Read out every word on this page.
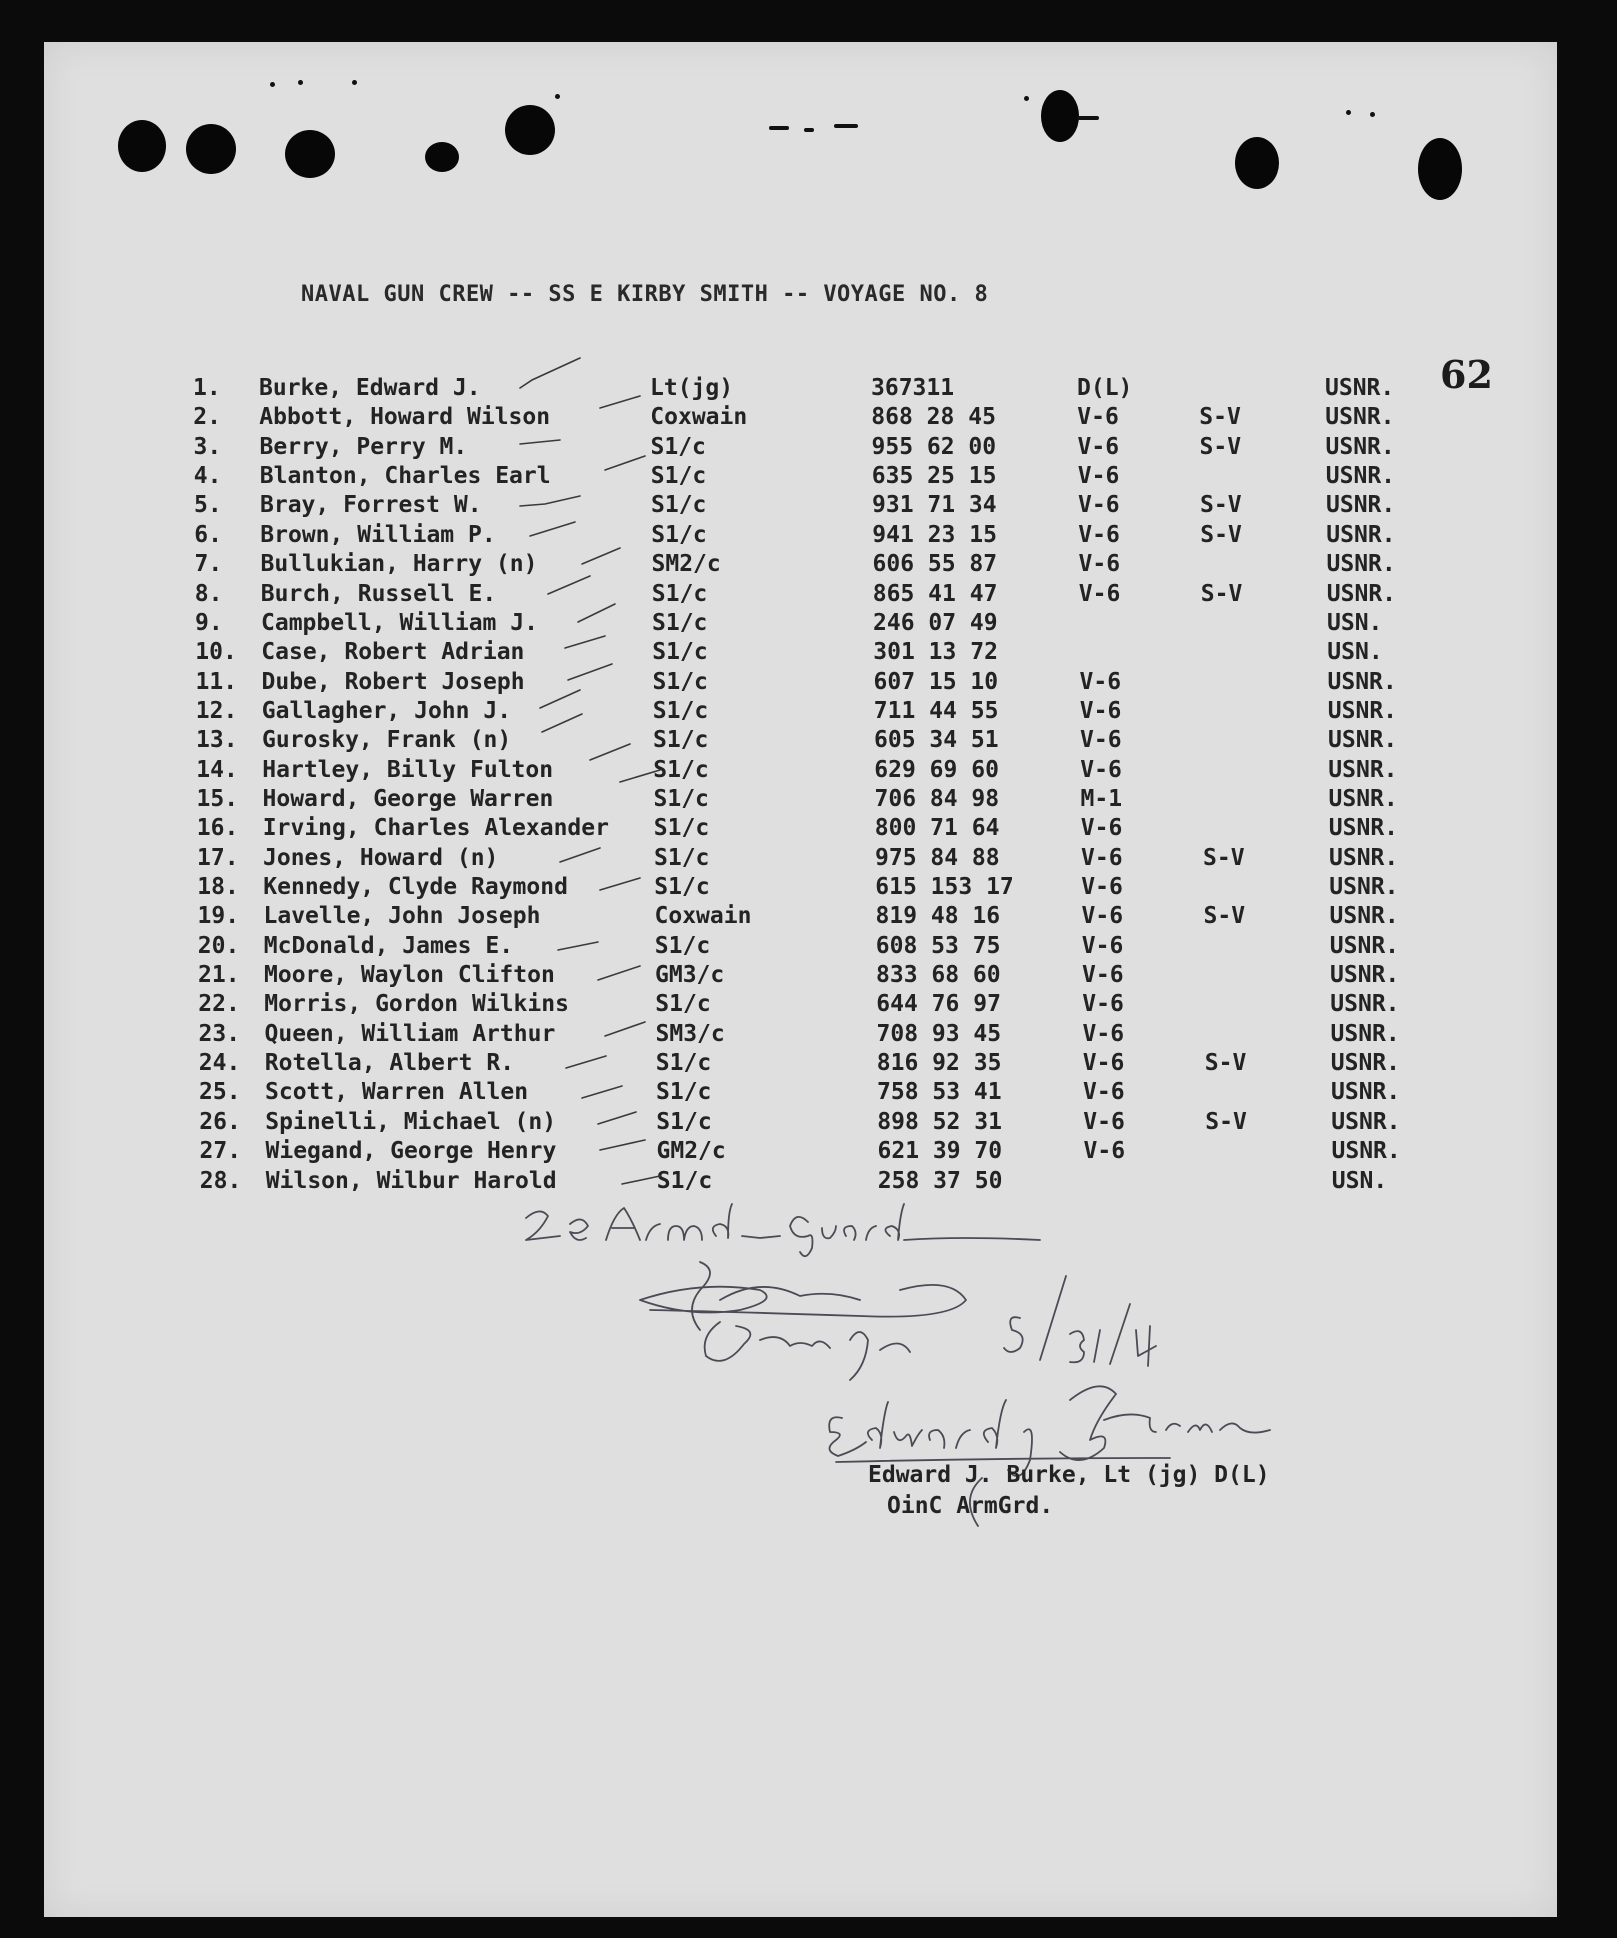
NAVAL GUN CREW -- SS E KIRBY SMITH -- VOYAGE NO. 8
62
1. Burke, Edward J.	Lt(jg)	367311	D(L)	USNR.
2. Abbott, Howard Wilson	Coxwain	868 28 45	V-6	S-V	USNR.
3. Berry, Perry M.	S1/c	955 62 00	V-6	S-V	USNR.
4. Blanton, Charles Earl	S1/c	635 25 15	V-6	USNR.
5. Bray, Forrest W.	S1/c	931 71 34	V-6	S-V	USNR.
6. Brown, William P.	S1/c	941 23 15	V-6	S-V	USNR.
7. Bullukian, Harry (n)	SM2/c	606 55 87	V-6	USNR.
8. Burch, Russell E.	S1/c	865 41 47	V-6	S-V	USNR.
9. Campbell, William J.	S1/c	246 07 49	USN.
10. Case, Robert Adrian	S1/c	301 13 72	USN.
11. Dube, Robert Joseph	S1/c	607 15 10	V-6	USNR.
12. Gallagher, John J.	S1/c	711 44 55	V-6	USNR.
13. Gurosky, Frank (n)	S1/c	605 34 51	V-6	USNR.
14. Hartley, Billy Fulton	S1/c	629 69 60	V-6	USNR.
15. Howard, George Warren	S1/c	706 84 98	M-1	USNR.
16. Irving, Charles Alexander S1/c	800 71 64	V-6	USNR.
17. Jones, Howard (n)	S1/c	975 84 88	V-6	S-V	USNR.
18. Kennedy, Clyde Raymond	S1/c	615 153 17	V-6	USNR.
19. Lavelle, John Joseph	Coxwain	819 48 16	V-6	S-V	USNR.
20. McDonald, James E.	S1/c	608 53 75	V-6	USNR.
21. Moore, Waylon Clifton	GM3/c	833 68 60	V-6	USNR.
22. Morris, Gordon Wilkins	S1/c	644 76 97	V-6	USNR.
23. Queen, William Arthur	SM3/c	708 93 45	V-6	USNR.
24. Rotella, Albert R.	S1/c	816 92 35	V-6	S-V	USNR.
25. Scott, Warren Allen	S1/c	758 53 41	V-6	USNR.
26. Spinelli, Michael (n)	S1/c	898 52 31	V-6	S-V	USNR.
27. Wiegand, George Henry	GM2/c	621 39 70	V-6	USNR.
28. Wilson, Wilbur Harold	S1/c	258 37 50	USN.
Edward J. Burke, Lt (jg) D(L)
OinC ArmGrd.
